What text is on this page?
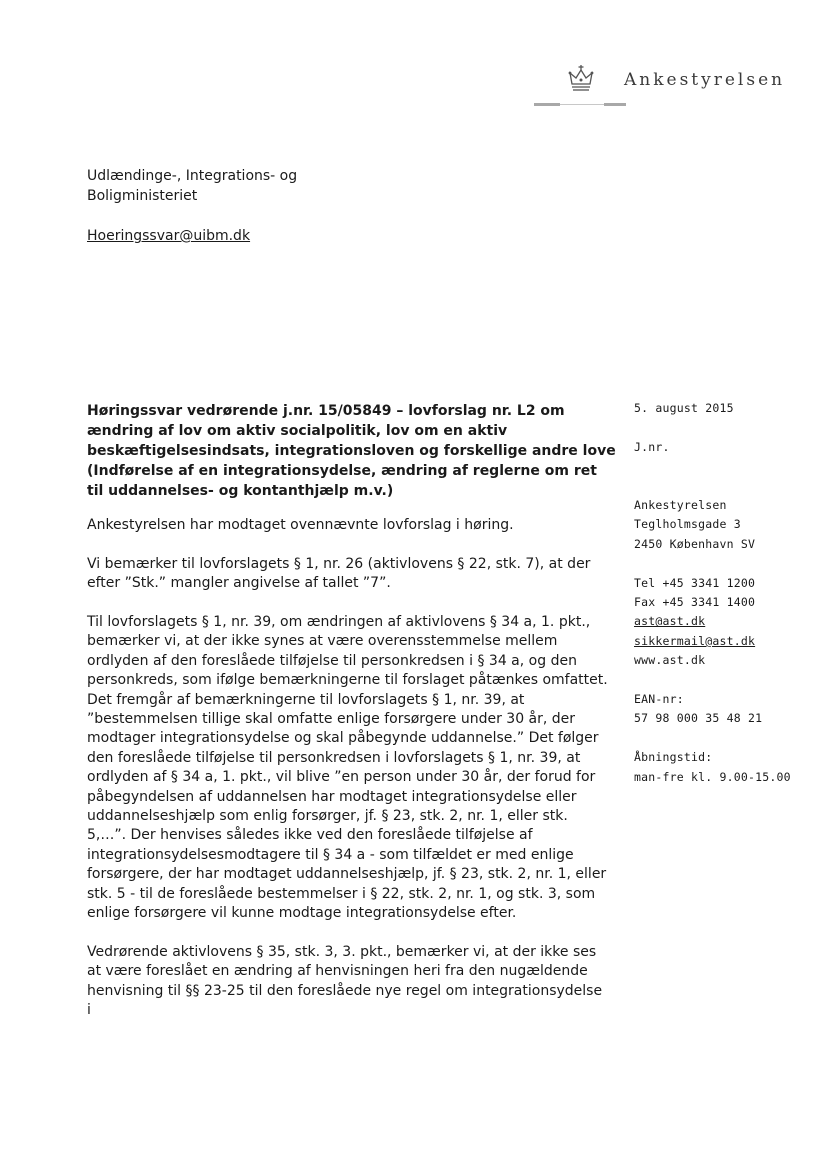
Ankestyrelsen
Udlændinge-, Integrations- og
Boligministeriet
Hoeringssvar@uibm.dk
Høringssvar vedrørende j.nr. 15/05849 – lovforslag nr. L2 om ændring af lov om aktiv socialpolitik, lov om en aktiv beskæftigelsesindsats, integrationsloven og forskellige andre love (Indførelse af en integrationsydelse, ændring af reglerne om ret til uddannelses- og kontanthjælp m.v.)

Ankestyrelsen har modtaget ovennævnte lovforslag i høring.

Vi bemærker til lovforslagets § 1, nr. 26 (aktivlovens § 22, stk. 7), at der efter ”Stk.” mangler angivelse af tallet ”7”.

Til lovforslagets § 1, nr. 39, om ændringen af aktivlovens § 34 a, 1. pkt., bemærker vi, at der ikke synes at være overensstemmelse mellem ordlyden af den foreslåede tilføjelse til personkredsen i § 34 a, og den personkreds, som ifølge bemærkningerne til forslaget påtænkes omfattet. Det fremgår af bemærkningerne til lovforslagets § 1, nr. 39, at ”bestemmelsen tillige skal omfatte enlige forsørgere under 30 år, der modtager integrationsydelse og skal påbegynde uddannelse.” Det følger den foreslåede tilføjelse til personkredsen i lovforslagets § 1, nr. 39, at ordlyden af § 34 a, 1. pkt., vil blive ”en person under 30 år, der forud for påbegyndelsen af uddannelsen har modtaget integrationsydelse eller uddannelseshjælp som enlig forsørger, jf. § 23, stk. 2, nr. 1, eller stk. 5,…”. Der henvises således ikke ved den foreslåede tilføjelse af integrationsydelsesmodtagere til § 34 a - som tilfældet er med enlige forsørgere, der har modtaget uddannelseshjælp, jf. § 23, stk. 2, nr. 1, eller stk. 5 - til de foreslåede bestemmelser i § 22, stk. 2, nr. 1, og stk. 3, som enlige forsørgere vil kunne modtage integrationsydelse efter.

Vedrørende aktivlovens § 35, stk. 3, 3. pkt., bemærker vi, at der ikke ses at være foreslået en ændring af henvisningen heri fra den nugældende henvisning til §§ 23-25 til den foreslåede nye regel om integrationsydelse i

5. august 2015
J.nr.
Ankestyrelsen
Teglholmsgade 3
2450 København SV
Tel +45 3341 1200
Fax +45 3341 1400
ast@ast.dk
sikkermail@ast.dk
www.ast.dk
EAN-nr:
57 98 000 35 48 21
Åbningstid:
man-fre kl. 9.00-15.00
